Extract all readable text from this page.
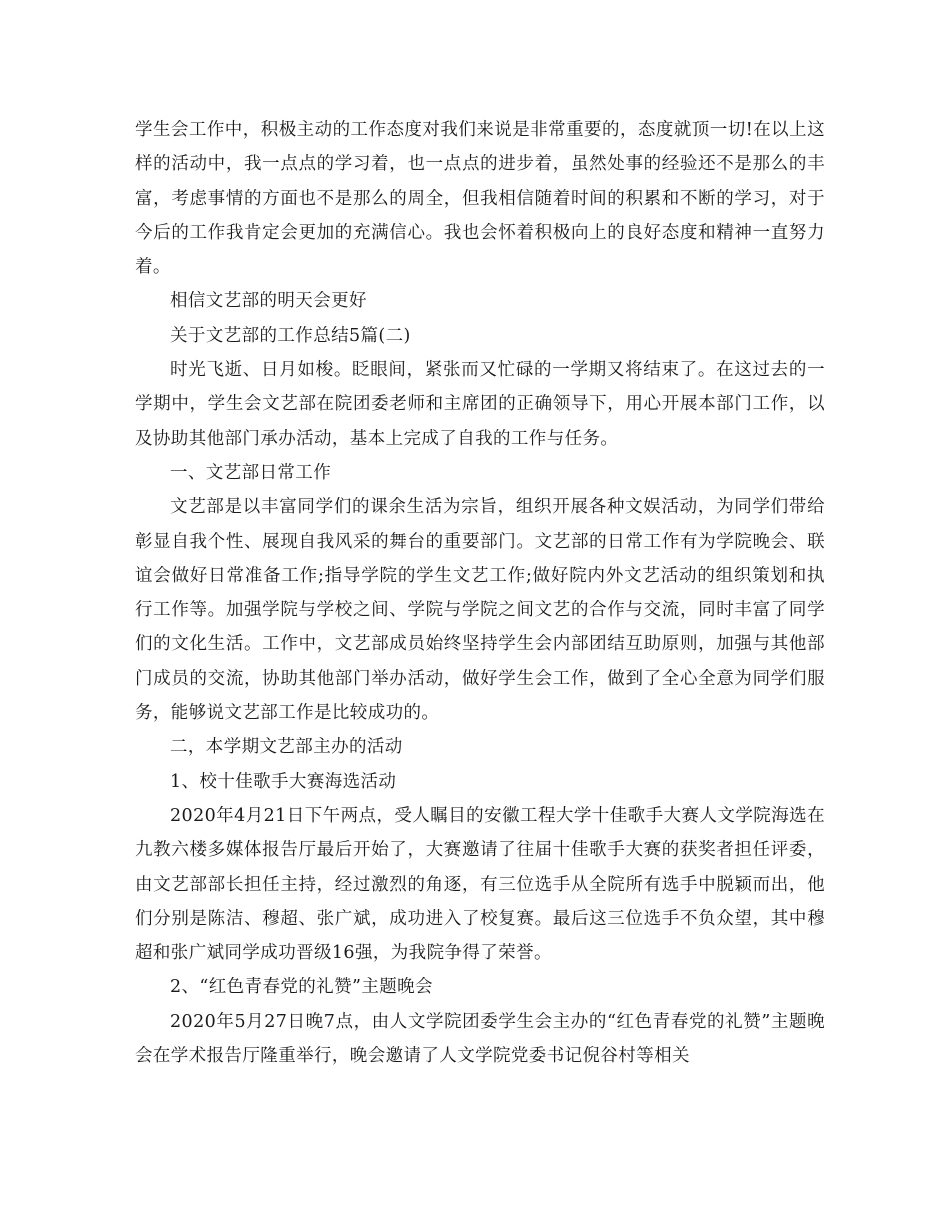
学生会工作中，积极主动的工作态度对我们来说是非常重要的，态度就顶一切!在以上这样的活动中，我一点点的学习着，也一点点的进步着，虽然处事的经验还不是那么的丰富，考虑事情的方面也不是那么的周全，但我相信随着时间的积累和不断的学习，对于今后的工作我肯定会更加的充满信心。我也会怀着积极向上的良好态度和精神一直努力着。

相信文艺部的明天会更好

关于文艺部的工作总结5篇(二)

时光飞逝、日月如梭。眨眼间，紧张而又忙碌的一学期又将结束了。在这过去的一学期中，学生会文艺部在院团委老师和主席团的正确领导下，用心开展本部门工作，以及协助其他部门承办活动，基本上完成了自我的工作与任务。

一、文艺部日常工作

文艺部是以丰富同学们的课余生活为宗旨，组织开展各种文娱活动，为同学们带给彰显自我个性、展现自我风采的舞台的重要部门。文艺部的日常工作有为学院晚会、联谊会做好日常准备工作;指导学院的学生文艺工作;做好院内外文艺活动的组织策划和执行工作等。加强学院与学校之间、学院与学院之间文艺的合作与交流，同时丰富了同学们的文化生活。工作中，文艺部成员始终坚持学生会内部团结互助原则，加强与其他部门成员的交流，协助其他部门举办活动，做好学生会工作，做到了全心全意为同学们服务，能够说文艺部工作是比较成功的。

二，本学期文艺部主办的活动

1、校十佳歌手大赛海选活动

2020年4月21日下午两点，受人瞩目的安徽工程大学十佳歌手大赛人文学院海选在九教六楼多媒体报告厅最后开始了，大赛邀请了往届十佳歌手大赛的获奖者担任评委，由文艺部部长担任主持，经过激烈的角逐，有三位选手从全院所有选手中脱颖而出，他们分别是陈洁、穆超、张广斌，成功进入了校复赛。最后这三位选手不负众望，其中穆超和张广斌同学成功晋级16强，为我院争得了荣誉。

2、“红色青春党的礼赞”主题晚会

2020年5月27日晚7点，由人文学院团委学生会主办的“红色青春党的礼赞”主题晚会在学术报告厅隆重举行，晚会邀请了人文学院党委书记倪谷村等相关
